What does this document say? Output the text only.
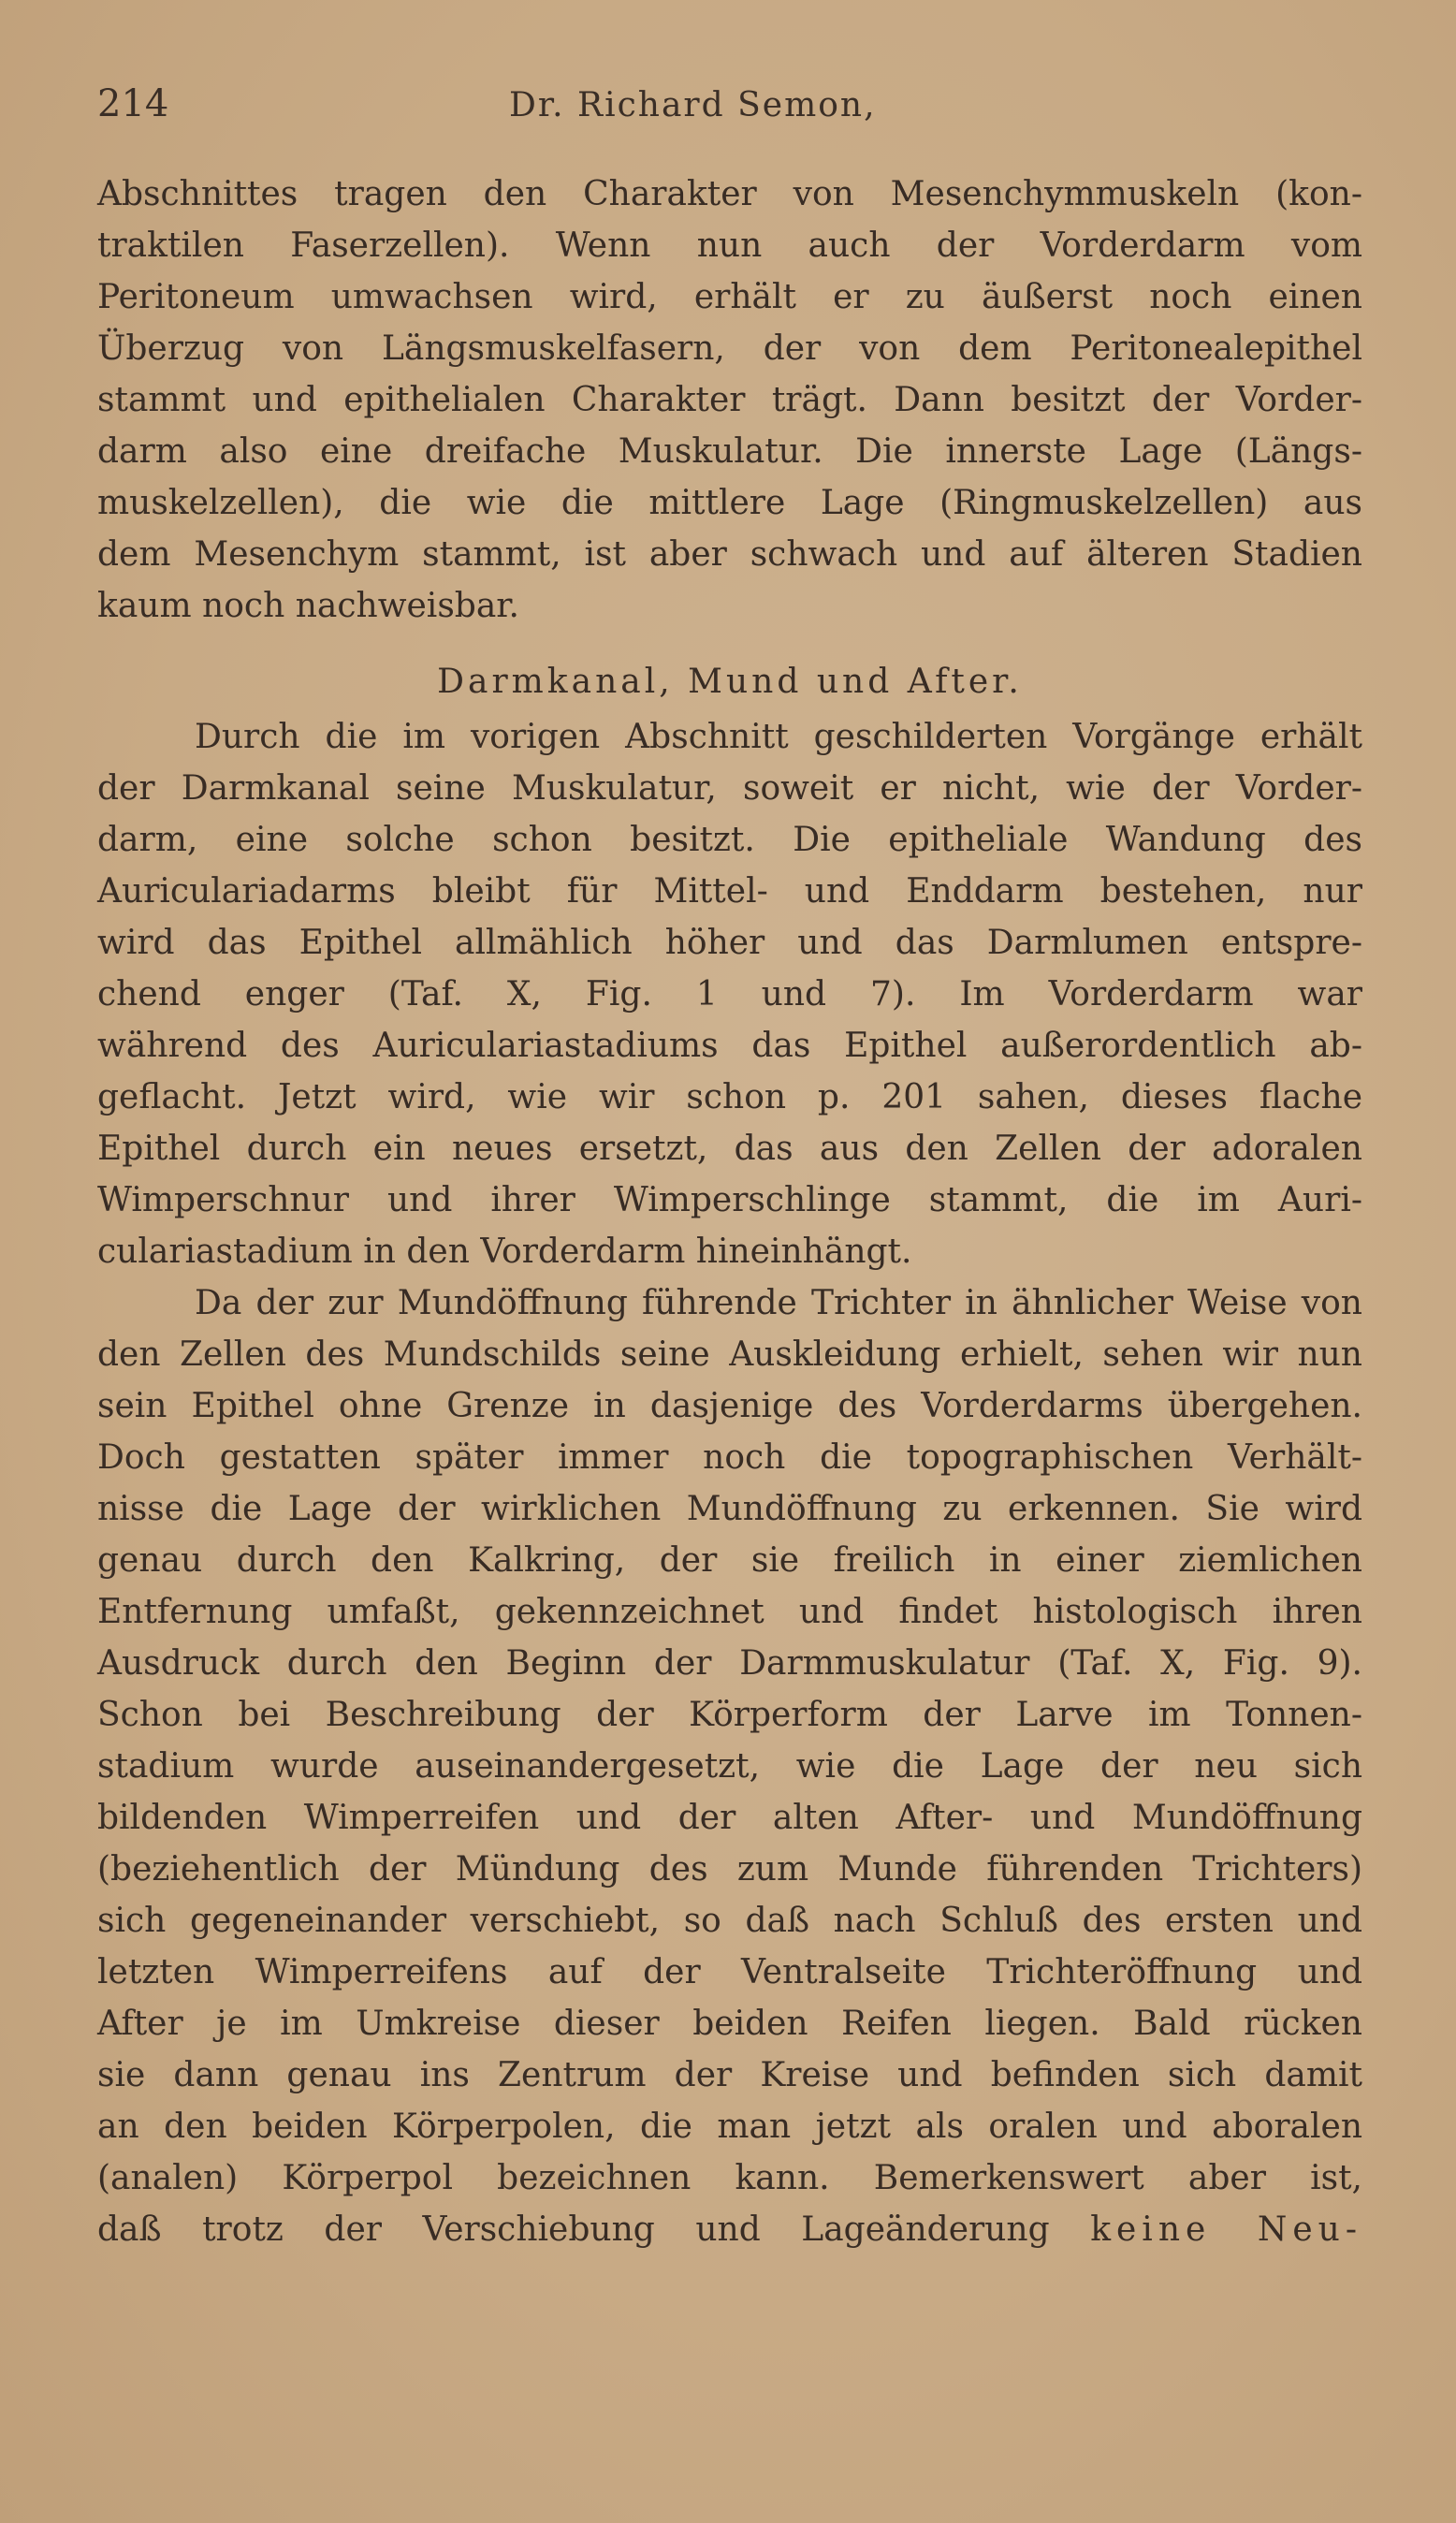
214	Dr. Richard Semon,
Abschnittes tragen den Charakter von Mesenchymmuskeln (kon-
traktilen Faserzellen). Wenn nun auch der Vorderdarm vom
Peritoneum umwachsen wird, erhält er zu äußerst noch einen
Überzug von Längsmuskelfasern, der von dem Peritonealepithel
stammt und epithelialen Charakter trägt. Dann besitzt der Vorder-
darm also eine dreifache Muskulatur. Die innerste Lage (Längs-
muskelzellen), die wie die mittlere Lage (Ringmuskelzellen) aus
dem Mesenchym stammt, ist aber schwach und auf älteren Stadien
kaum noch nachweisbar.
Darmkanal, Mund und After.
Durch die im vorigen Abschnitt geschilderten Vorgänge erhält
der Darmkanal seine Muskulatur, soweit er nicht, wie der Vorder-
darm, eine solche schon besitzt. Die epitheliale Wandung des
Auriculariadarms bleibt für Mittel- und Enddarm bestehen, nur
wird das Epithel allmählich höher und das Darmlumen entspre-
chend enger (Taf. X, Fig. 1 und 7). Im Vorderdarm war
während des Auriculariastadiums das Epithel außerordentlich ab-
geflacht. Jetzt wird, wie wir schon p. 201 sahen, dieses flache
Epithel durch ein neues ersetzt, das aus den Zellen der adoralen
Wimperschnur und ihrer Wimperschlinge stammt, die im Auri-
culariastadium in den Vorderdarm hineinhängt.
Da der zur Mundöffnung führende Trichter in ähnlicher Weise von
den Zellen des Mundschilds seine Auskleidung erhielt, sehen wir nun
sein Epithel ohne Grenze in dasjenige des Vorderdarms übergehen.
Doch gestatten später immer noch die topographischen Verhält-
nisse die Lage der wirklichen Mundöffnung zu erkennen. Sie wird
genau durch den Kalkring, der sie freilich in einer ziemlichen
Entfernung umfaßt, gekennzeichnet und findet histologisch ihren
Ausdruck durch den Beginn der Darmmuskulatur (Taf. X, Fig. 9).
Schon bei Beschreibung der Körperform der Larve im Tonnen-
stadium wurde auseinandergesetzt, wie die Lage der neu sich
bildenden Wimperreifen und der alten After- und Mundöffnung
(beziehentlich der Mündung des zum Munde führenden Trichters)
sich gegeneinander verschiebt, so daß nach Schluß des ersten und
letzten Wimperreifens auf der Ventralseite Trichteröffnung und
After je im Umkreise dieser beiden Reifen liegen. Bald rücken
sie dann genau ins Zentrum der Kreise und befinden sich damit
an den beiden Körperpolen, die man jetzt als oralen und aboralen
(analen) Körperpol bezeichnen kann. Bemerkenswert aber ist,
daß trotz der Verschiebung und Lageänderung keine Neu-
